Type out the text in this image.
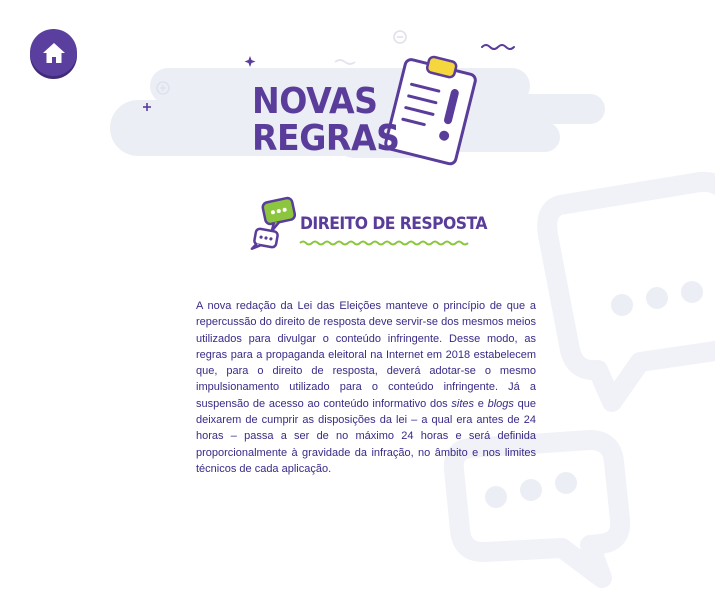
NOVAS
REGRAS
DIREITO DE RESPOSTA

A nova redação da Lei das Eleições manteve o princípio de que a repercussão do direito de resposta deve servir-se dos mesmos meios utilizados para divulgar o conteúdo infringente. Desse modo, as regras para a propaganda eleitoral na Internet em 2018 estabelecem que, para o direito de resposta, deverá adotar-se o mesmo impulsionamento utilizado para o conteúdo infringente. Já a suspensão de acesso ao conteúdo informativo dos sites e blogs que deixarem de cumprir as disposições da lei – a qual era antes de 24 horas – passa a ser de no máximo 24 horas e será definida proporcionalmente à gravidade da infração, no âmbito e nos limites técnicos de cada aplicação.
